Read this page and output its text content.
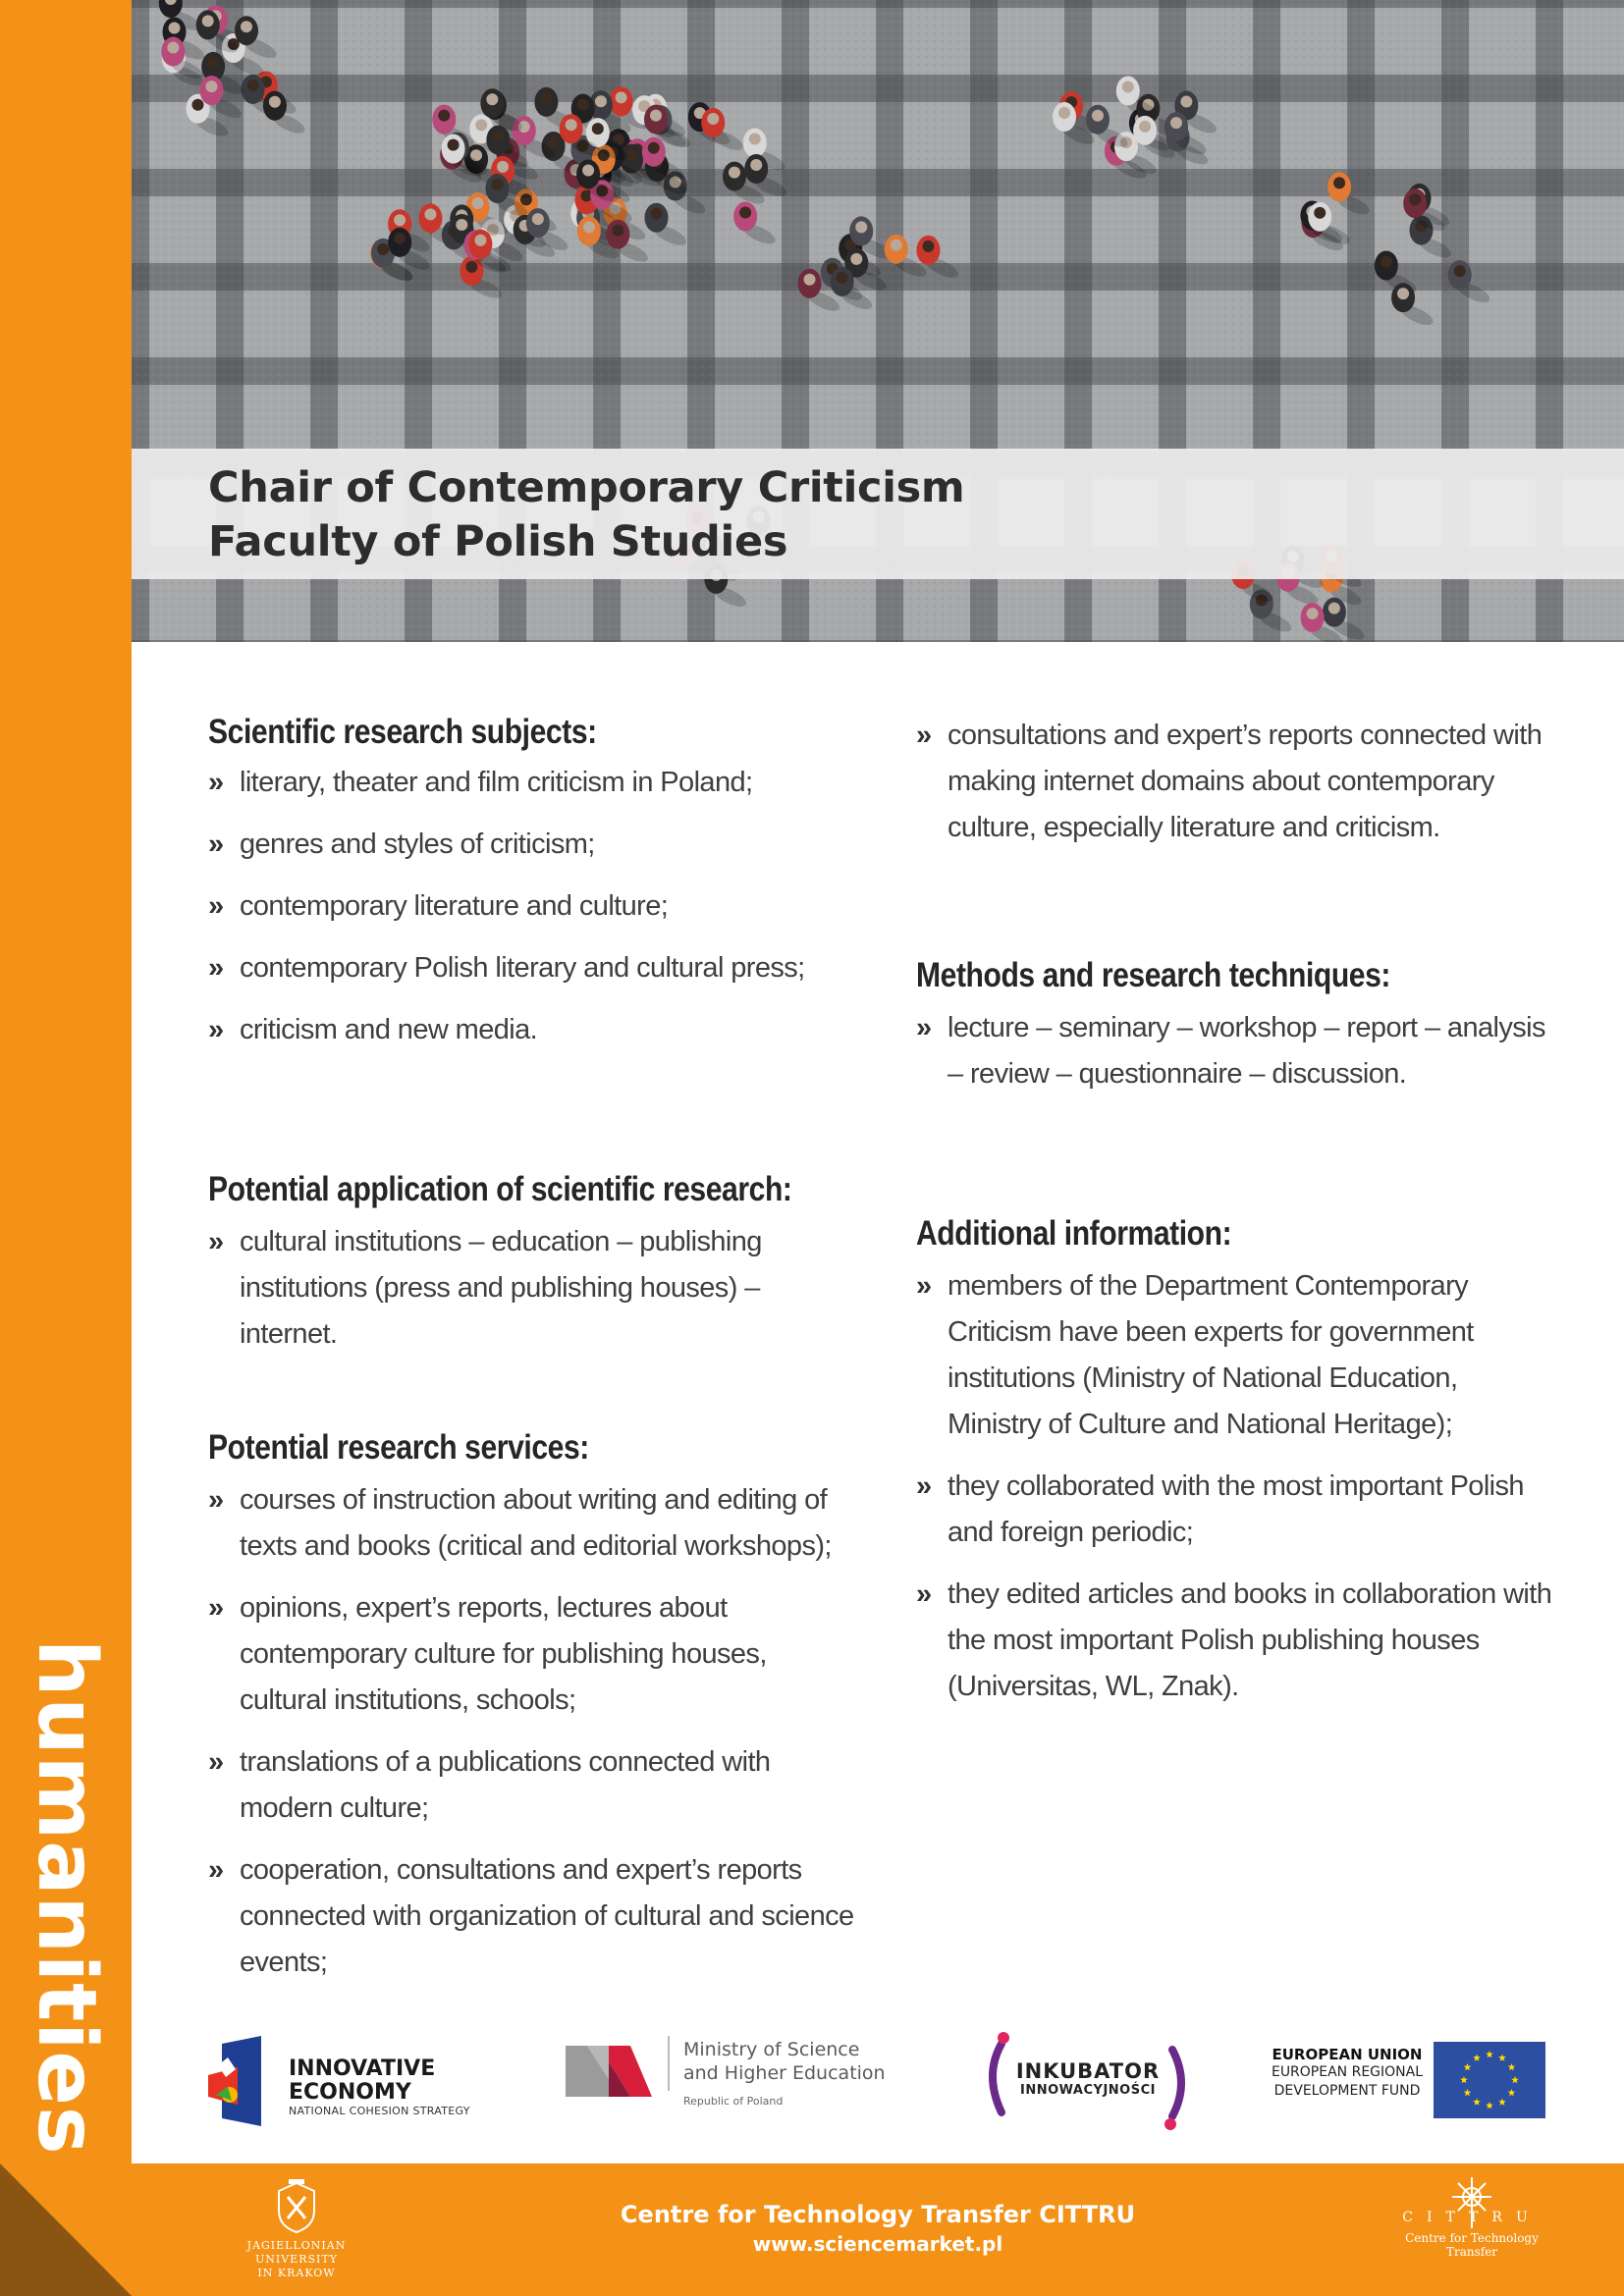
humanities
Chair of Contemporary Criticism
Faculty of Polish Studies
Scientific research subjects:
» literary, theater and film criticism in Poland;
» genres and styles of criticism;
» contemporary literature and culture;
» contemporary Polish literary and cultural press;
» criticism and new media.
Potential application of scientific research:
» cultural institutions – education – publishing institutions (press and publishing houses) – internet.
Potential research services:
» courses of instruction about writing and editing of texts and books (critical and editorial workshops);
» opinions, expert’s reports, lectures about contemporary culture for publishing houses, cultural institutions, schools;
» translations of a publications connected with modern culture;
» cooperation, consultations and expert’s reports connected with organization of cultural and science events;
» consultations and expert’s reports connected with making internet domains about contemporary culture, especially literature and criticism.
Methods and research techniques:
» lecture – seminary – workshop – report – analysis – review – questionnaire – discussion.
Additional information:
» members of the Department Contemporary Criticism have been experts for government institutions (Ministry of National Education, Ministry of Culture and National Heritage);
» they collaborated with the most important Polish and foreign periodic;
» they edited articles and books in collaboration with the most important Polish publishing houses (Universitas, WL, Znak).
INNOVATIVE
ECONOMY
NATIONAL COHESION STRATEGY
Ministry of Science
and Higher Education
Republic of Poland
INKUBATOR
INNOWACYJNOŚCI
EUROPEAN UNION
EUROPEAN REGIONAL
DEVELOPMENT FUND
JAGIELLONIAN UNIVERSITY
IN KRAKOW
Centre for Technology Transfer CITTRU
www.sciencemarket.pl
CITTRU
Centre for Technology Transfer
